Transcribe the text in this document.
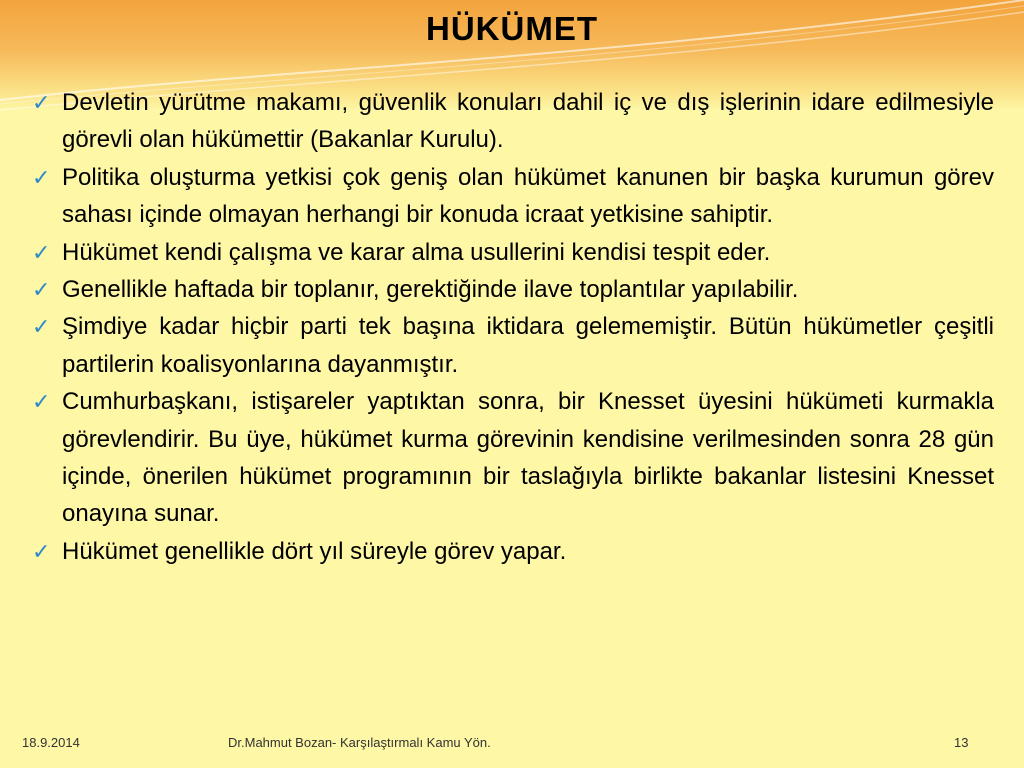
HÜKÜMET
✓ Devletin yürütme makamı, güvenlik konuları dahil iç ve dış işlerinin idare edilmesiyle görevli olan hükümettir (Bakanlar Kurulu).
✓ Politika oluşturma yetkisi çok geniş olan hükümet kanunen bir başka kurumun görev sahası içinde olmayan herhangi bir konuda icraat yetkisine sahiptir.
✓ Hükümet kendi çalışma ve karar alma usullerini kendisi tespit eder.
✓ Genellikle haftada bir toplanır, gerektiğinde ilave toplantılar yapılabilir.
✓ Şimdiye kadar hiçbir parti tek başına iktidara gelememiştir. Bütün hükümetler çeşitli partilerin koalisyonlarına dayanmıştır.
✓ Cumhurbaşkanı, istişareler yaptıktan sonra, bir Knesset üyesini hükümeti kurmakla görevlendirir. Bu üye, hükümet kurma görevinin kendisine verilmesinden sonra 28 gün içinde, önerilen hükümet programının bir taslağıyla birlikte bakanlar listesini Knesset onayına sunar.
✓ Hükümet genellikle dört yıl süreyle görev yapar.
18.9.2014	Dr.Mahmut Bozan- Karşılaştırmalı Kamu Yön.	13
